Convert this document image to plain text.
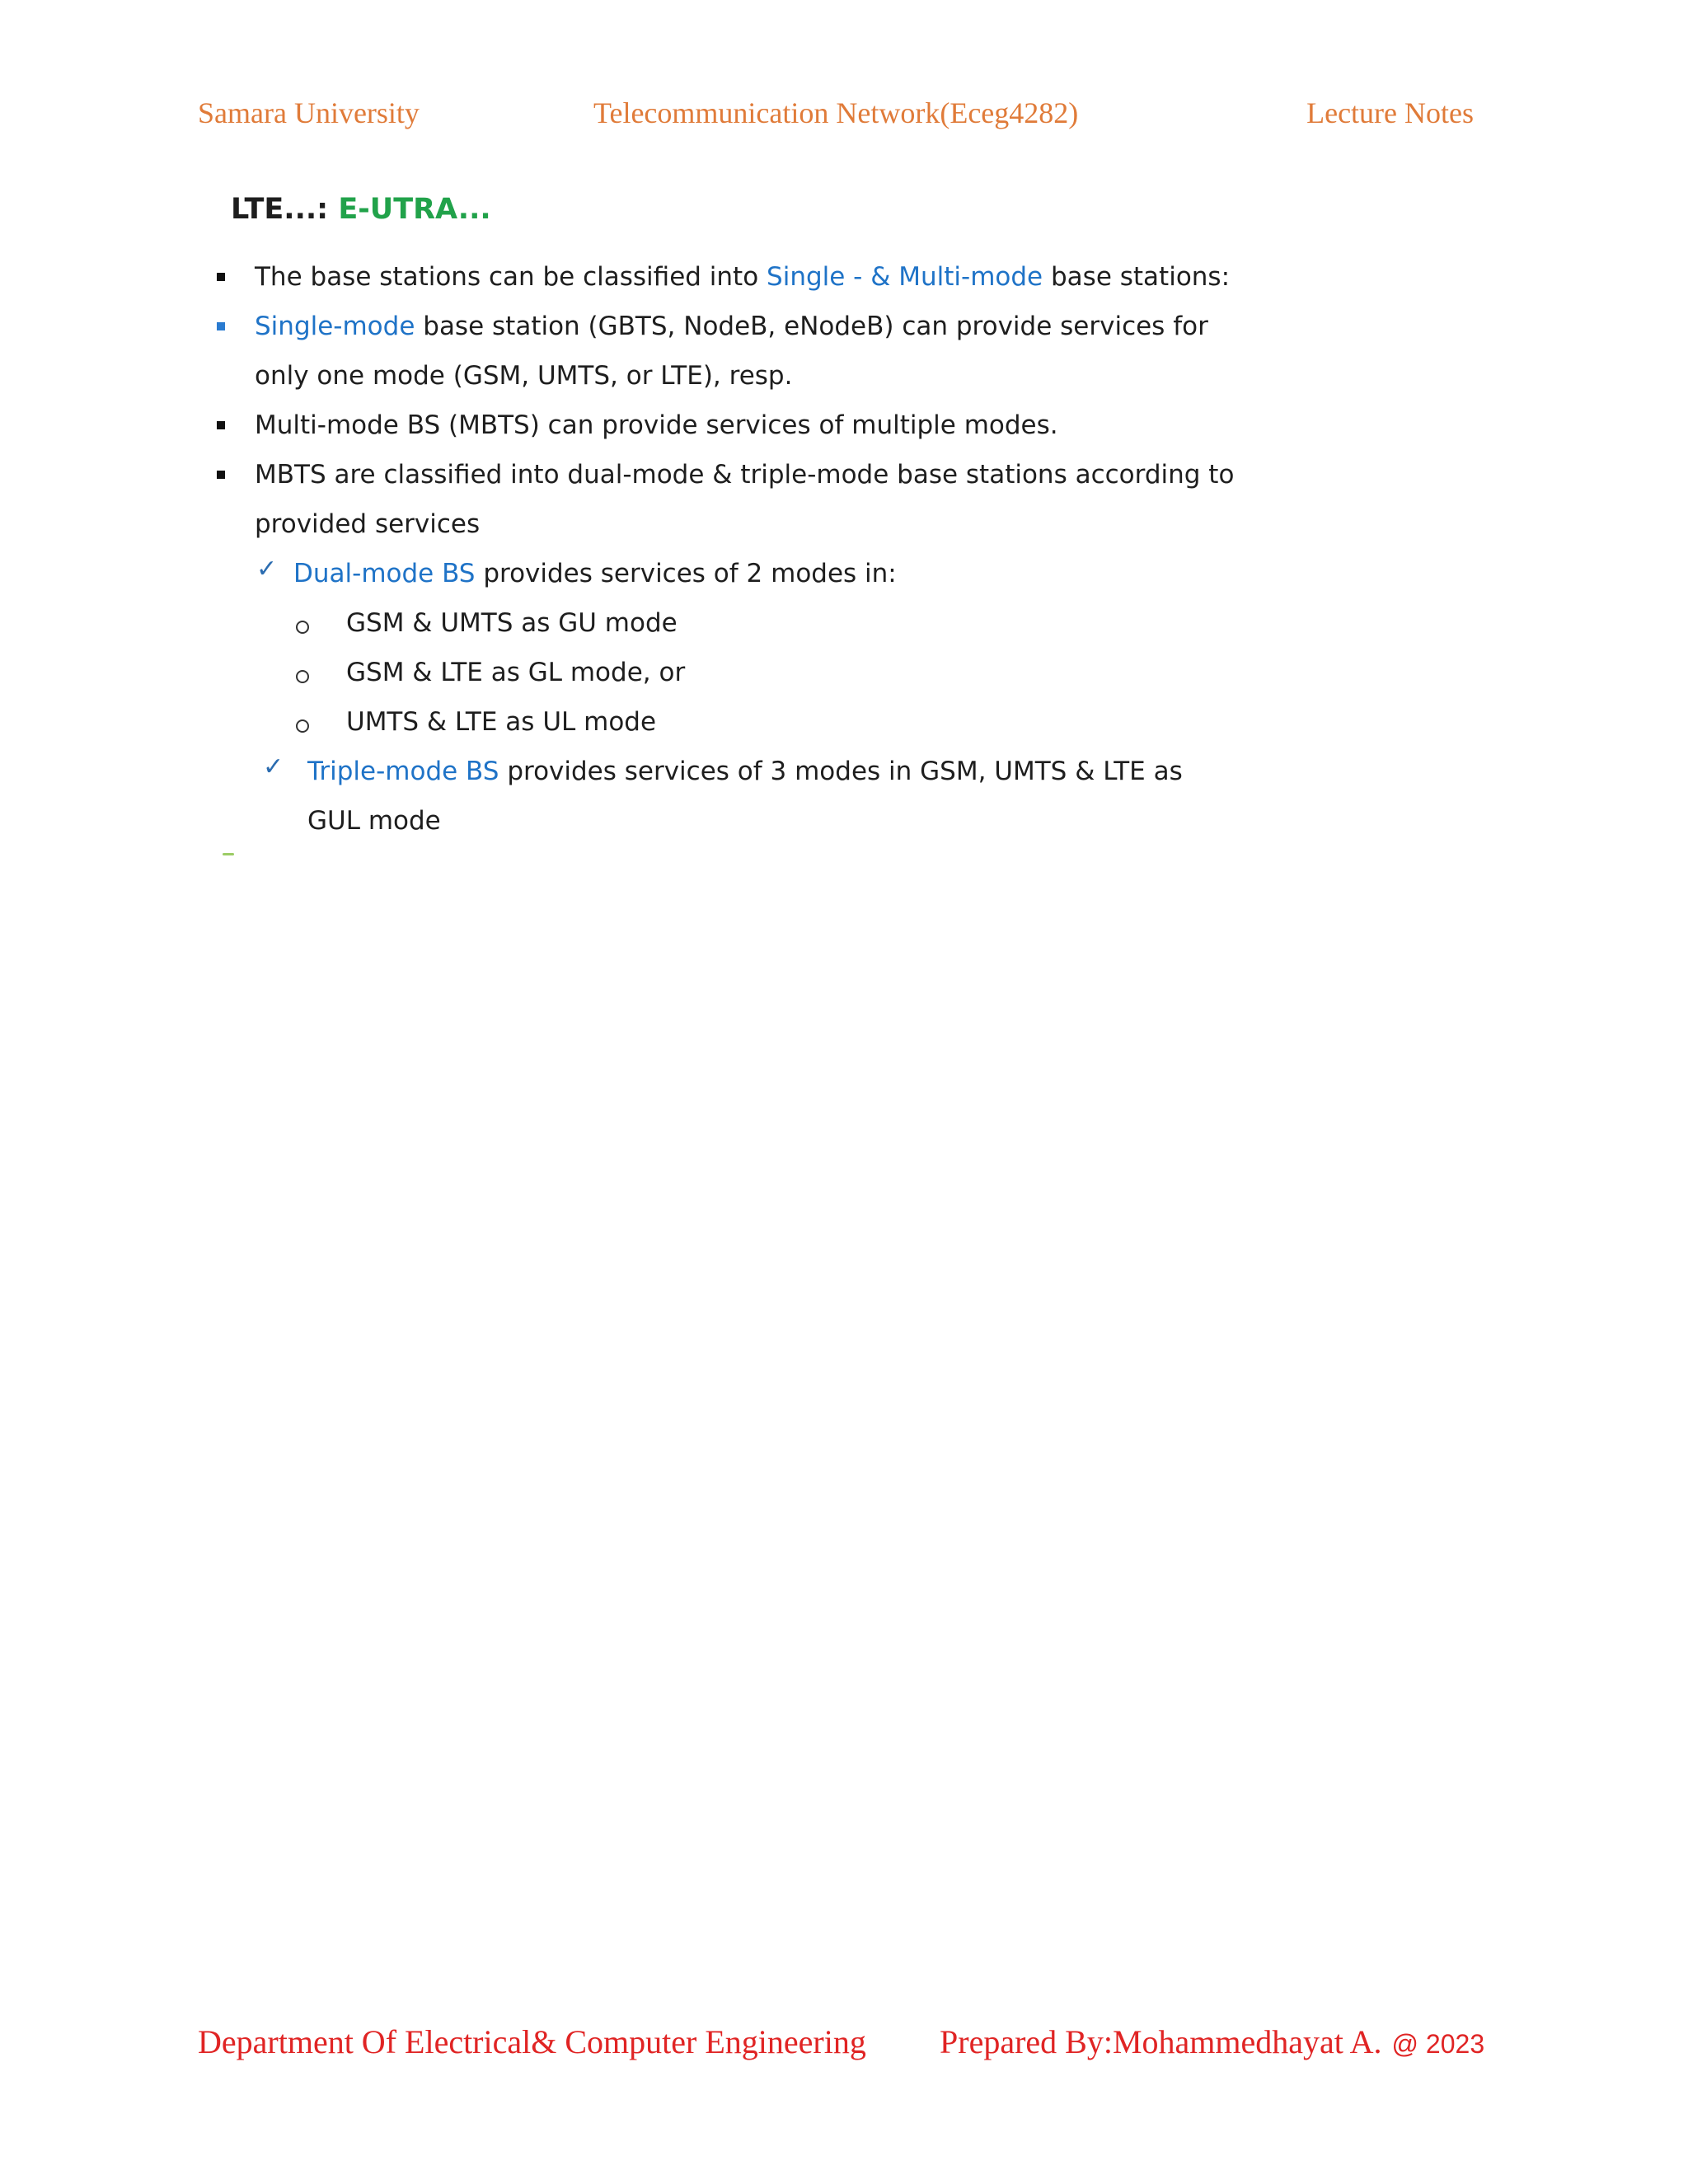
Samara University	Telecommunication Network(Eceg4282)	Lecture Notes
LTE...: E-UTRA...
The base stations can be classified into Single - & Multi-mode base stations:
Single-mode base station (GBTS, NodeB, eNodeB) can provide services for
only one mode (GSM, UMTS, or LTE), resp.
Multi-mode BS (MBTS) can provide services of multiple modes.
MBTS are classified into dual-mode & triple-mode base stations according to
provided services
✓ Dual-mode BS provides services of 2 modes in:
GSM & UMTS as GU mode
GSM & LTE as GL mode, or
UMTS & LTE as UL mode
✓ Triple-mode BS provides services of 3 modes in GSM, UMTS & LTE as
GUL mode
Department Of Electrical& Computer Engineering Prepared By:Mohammedhayat A. @ 2023
